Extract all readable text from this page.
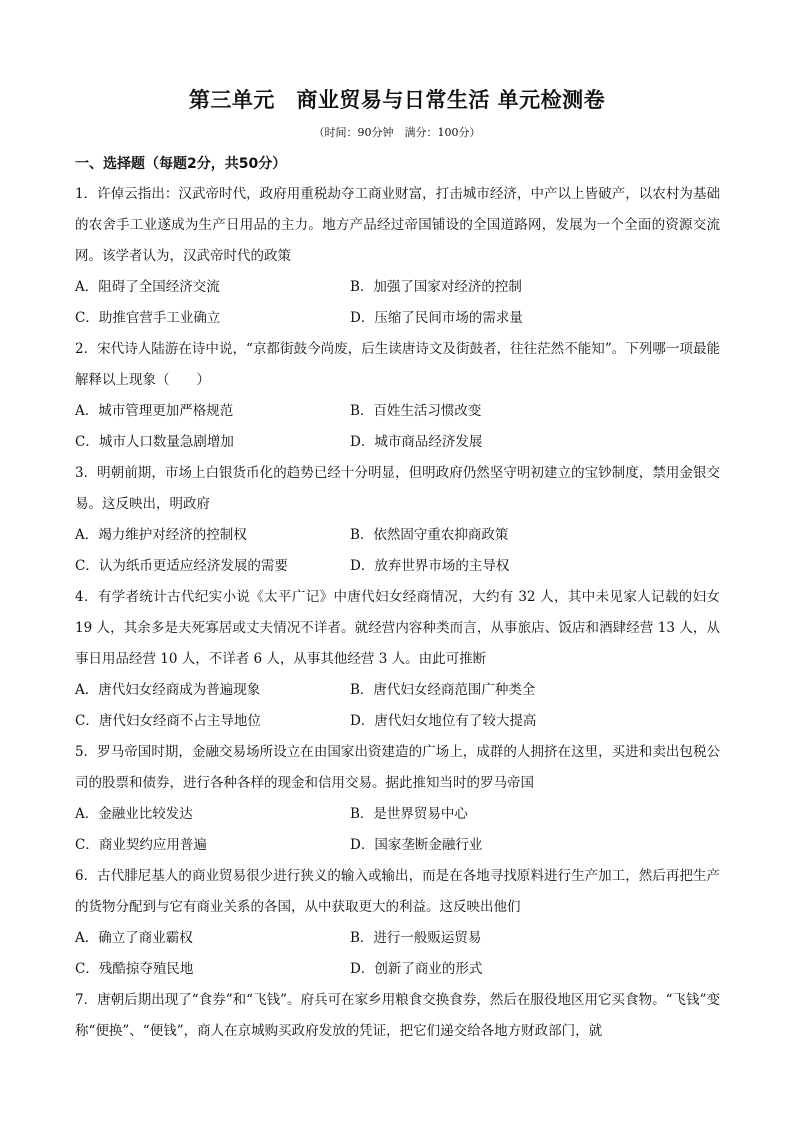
第三单元　商业贸易与日常生活 单元检测卷
（时间：90分钟　满分：100分）
一、选择题（每题2分，共50分）

1．许倬云指出：汉武帝时代，政府用重税劫夺工商业财富，打击城市经济，中产以上皆破产，以农村为基础的农舍手工业遂成为生产日用品的主力。地方产品经过帝国铺设的全国道路网，发展为一个全面的资源交流网。该学者认为，汉武帝时代的政策

A．阻碍了全国经济交流	B．加强了国家对经济的控制
C．助推官营手工业确立	D．压缩了民间市场的需求量

2．宋代诗人陆游在诗中说，“京都街鼓今尚废，后生读唐诗文及街鼓者，往往茫然不能知”。下列哪一项最能解释以上现象（　　）

A．城市管理更加严格规范	B．百姓生活习惯改变
C．城市人口数量急剧增加	D．城市商品经济发展

3．明朝前期，市场上白银货币化的趋势已经十分明显，但明政府仍然坚守明初建立的宝钞制度，禁用金银交易。这反映出，明政府

A．竭力维护对经济的控制权	B．依然固守重农抑商政策
C．认为纸币更适应经济发展的需要	D．放弃世界市场的主导权

4．有学者统计古代纪实小说《太平广记》中唐代妇女经商情况，大约有 32 人，其中未见家人记载的妇女 19 人，其余多是夫死寡居或丈夫情况不详者。就经营内容种类而言，从事旅店、饭店和酒肆经营 13 人，从事日用品经营 10 人，不详者 6 人，从事其他经营 3 人。由此可推断

A．唐代妇女经商成为普遍现象	B．唐代妇女经商范围广种类全
C．唐代妇女经商不占主导地位	D．唐代妇女地位有了较大提高

5．罗马帝国时期，金融交易场所设立在由国家出资建造的广场上，成群的人拥挤在这里，买进和卖出包税公司的股票和债券，进行各种各样的现金和信用交易。据此推知当时的罗马帝国

A．金融业比较发达	B．是世界贸易中心
C．商业契约应用普遍	D．国家垄断金融行业

6．古代腓尼基人的商业贸易很少进行狭义的输入或输出，而是在各地寻找原料进行生产加工，然后再把生产的货物分配到与它有商业关系的各国，从中获取更大的利益。这反映出他们

A．确立了商业霸权	B．进行一般贩运贸易
C．残酷掠夺殖民地	D．创新了商业的形式

7．唐朝后期出现了“食券”和“飞钱”。府兵可在家乡用粮食交换食券，然后在服役地区用它买食物。“飞钱”变称“便换”、“便钱”，商人在京城购买政府发放的凭证，把它们递交给各地方财政部门，就
